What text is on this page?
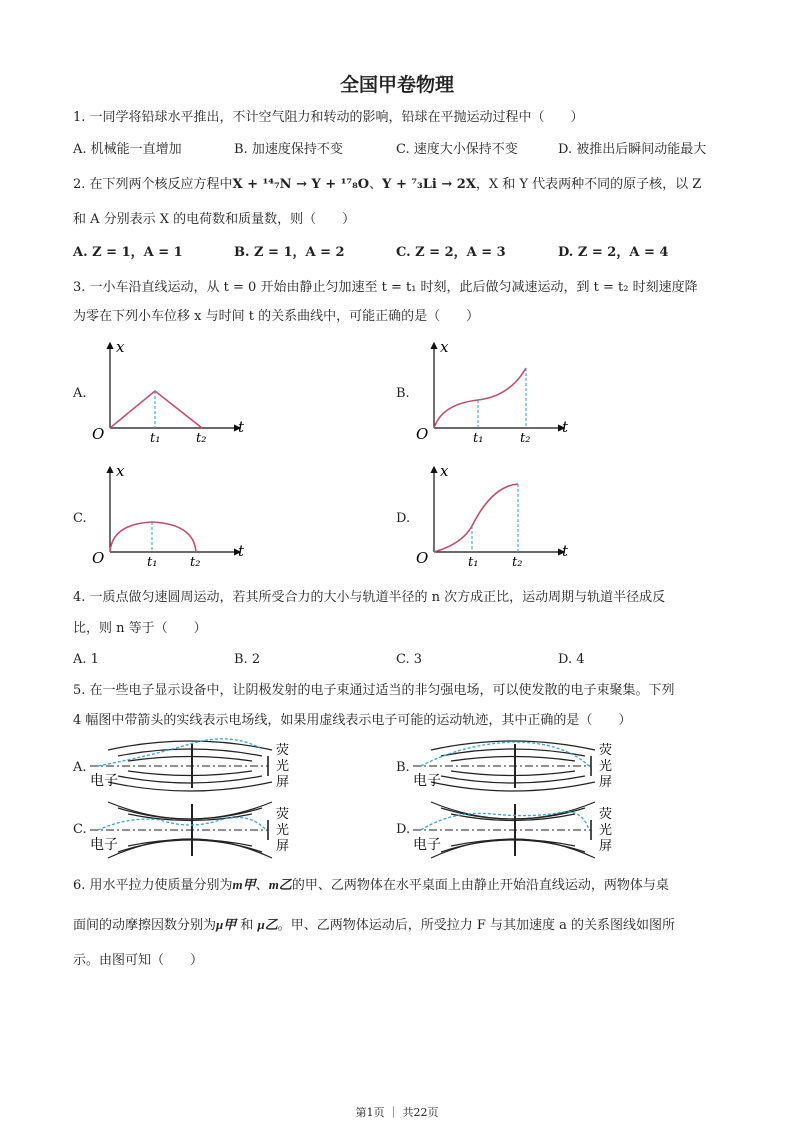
全国甲卷物理
1. 一同学将铅球水平推出，不计空气阻力和转动的影响，铅球在平抛运动过程中（　　）
A. 机械能一直增加	B. 加速度保持不变	C. 速度大小保持不变	D. 被推出后瞬间动能最大
2. 在下列两个核反应方程中X + ¹⁴₇N → Y + ¹⁷₈O、Y + ⁷₃Li → 2X，X 和 Y 代表两种不同的原子核，以 Z
和 A 分别表示 X 的电荷数和质量数，则（　　）
A. Z = 1，A = 1	B. Z = 1，A = 2	C. Z = 2，A = 3	D. Z = 2，A = 4
3. 一小车沿直线运动，从 t = 0 开始由静止匀加速至 t = t₁ 时刻，此后做匀减速运动，到 t = t₂ 时刻速度降
为零在下列小车位移 x 与时间 t 的关系曲线中，可能正确的是（　　）
A.	B.
C.	D.
O
x
t
t₁	t₂	O
x
t
t₁	t₂
O
x
t
t₁	t₂	O
x
t
t₁	t₂
4. 一质点做匀速圆周运动，若其所受合力的大小与轨道半径的 n 次方成正比，运动周期与轨道半径成反
比，则 n 等于（　　）
A. 1	B. 2	C. 3	D. 4
5. 在一些电子显示设备中，让阴极发射的电子束通过适当的非匀强电场，可以使发散的电子束聚集。下列
4 幅图中带箭头的实线表示电场线，如果用虚线表示电子可能的运动轨迹，其中正确的是（　　）
A.	B.
C.	D.
电子
荧
光
屏	电子
荧
光
屏
电子
荧
光
屏	电子
荧
光
屏
6. 用水平拉力使质量分别为m甲、m乙的甲、乙两物体在水平桌面上由静止开始沿直线运动，两物体与桌
面间的动摩擦因数分别为μ甲 和 μ乙。甲、乙两物体运动后，所受拉力 F 与其加速度 a 的关系图线如图所
示。由图可知（　　）
第1页 ｜ 共22页
